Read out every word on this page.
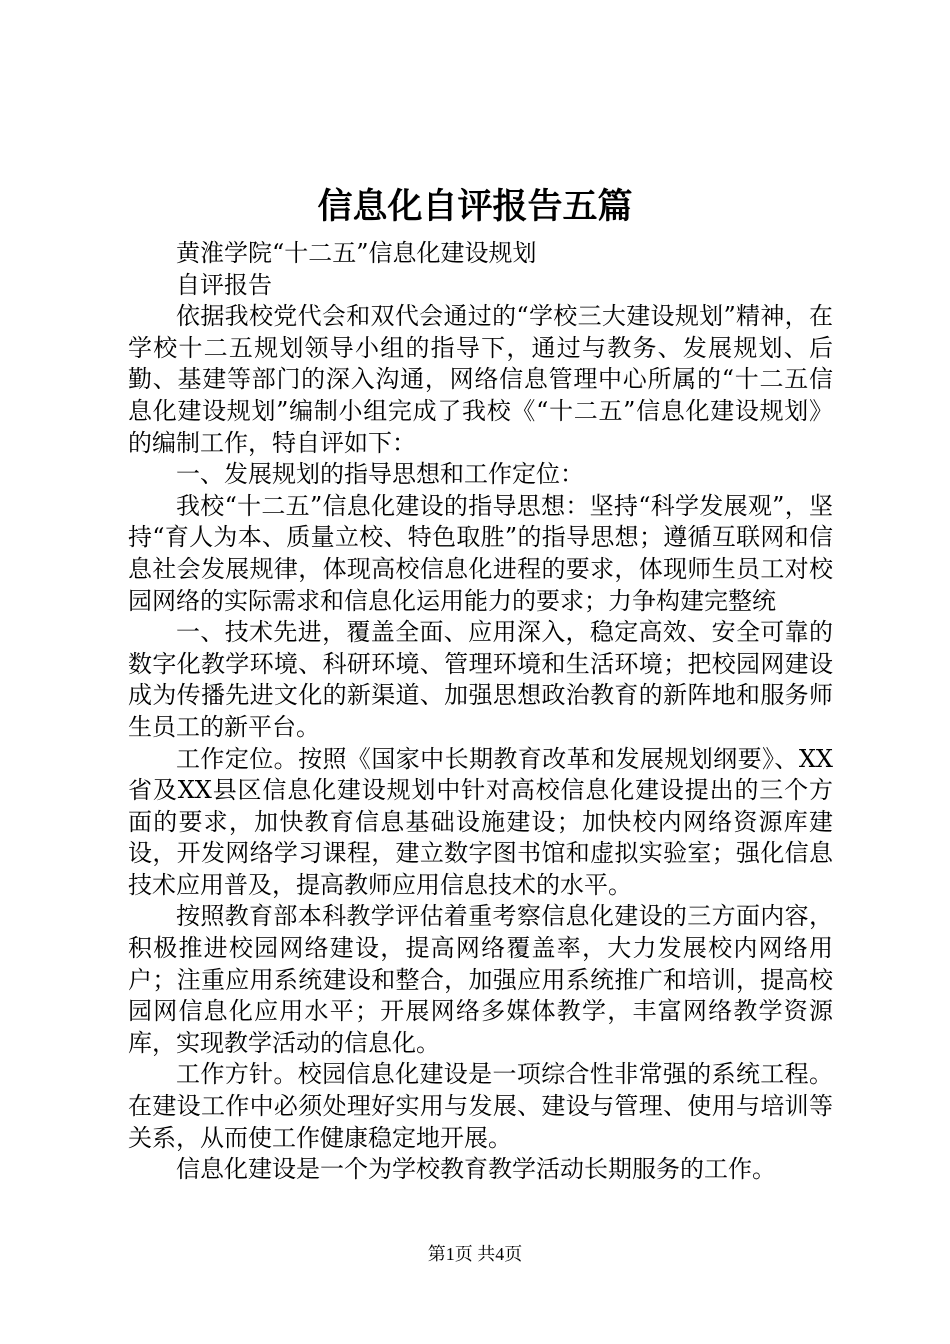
信息化自评报告五篇

黄淮学院“十二五”信息化建设规划

自评报告

依据我校党代会和双代会通过的“学校三大建设规划”精神，在学校十二五规划领导小组的指导下，通过与教务、发展规划、后勤、基建等部门的深入沟通，网络信息管理中心所属的“十二五信息化建设规划”编制小组完成了我校《“十二五”信息化建设规划》的编制工作，特自评如下：

一、发展规划的指导思想和工作定位：

我校“十二五”信息化建设的指导思想：坚持“科学发展观”，坚持“育人为本、质量立校、特色取胜”的指导思想；遵循互联网和信息社会发展规律，体现高校信息化进程的要求，体现师生员工对校园网络的实际需求和信息化运用能力的要求；力争构建完整统

一、技术先进，覆盖全面、应用深入，稳定高效、安全可靠的数字化教学环境、科研环境、管理环境和生活环境；把校园网建设成为传播先进文化的新渠道、加强思想政治教育的新阵地和服务师生员工的新平台。

工作定位。按照《国家中长期教育改革和发展规划纲要》、XX省及XX县区信息化建设规划中针对高校信息化建设提出的三个方面的要求，加快教育信息基础设施建设；加快校内网络资源库建设，开发网络学习课程，建立数字图书馆和虚拟实验室；强化信息技术应用普及，提高教师应用信息技术的水平。

按照教育部本科教学评估着重考察信息化建设的三方面内容，积极推进校园网络建设，提高网络覆盖率，大力发展校内网络用户；注重应用系统建设和整合，加强应用系统推广和培训，提高校园网信息化应用水平；开展网络多媒体教学，丰富网络教学资源库，实现教学活动的信息化。

工作方针。校园信息化建设是一项综合性非常强的系统工程。在建设工作中必须处理好实用与发展、建设与管理、使用与培训等关系，从而使工作健康稳定地开展。

信息化建设是一个为学校教育教学活动长期服务的工作。

第1页 共4页
